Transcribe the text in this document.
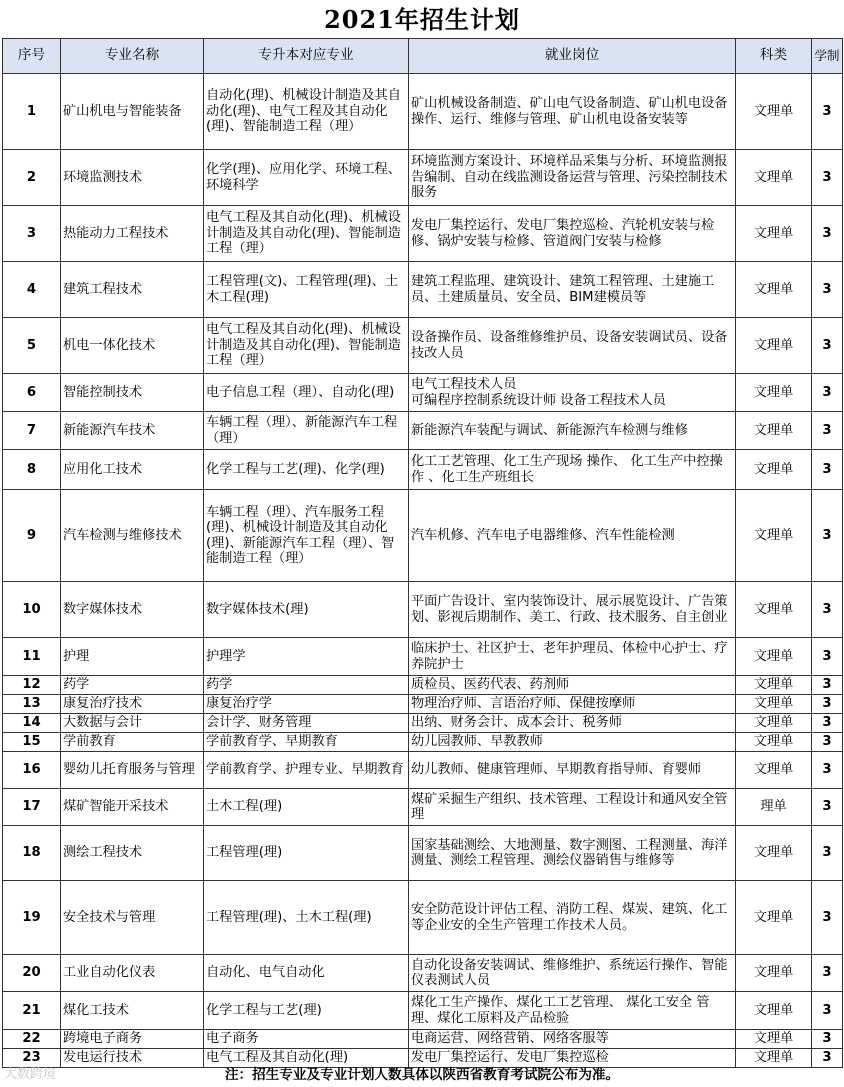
2021年招生计划
序号	专业名称	专升本对应专业	就业岗位	科类	学制
1	矿山机电与智能装备	自动化(理)、机械设计制造及其自动化(理)、电气工程及其自动化(理)、智能制造工程（理）	矿山机械设备制造、矿山电气设备制造、矿山机电设备操作、运行、维修与管理、矿山机电设备安装等	文理单	3
2	环境监测技术	化学(理)、应用化学、环境工程、环境科学	环境监测方案设计、环境样品采集与分析、环境监测报告编制、自动在线监测设备运营与管理、污染控制技术服务	文理单	3
3	热能动力工程技术	电气工程及其自动化(理)、机械设计制造及其自动化(理)、智能制造工程（理）	发电厂集控运行、发电厂集控巡检、汽轮机安装与检修、锅炉安装与检修、管道阀门安装与检修	文理单	3
4	建筑工程技术	工程管理(文)、工程管理(理)、土木工程(理)	建筑工程监理、建筑设计、建筑工程管理、土建施工员、土建质量员、安全员、BIM建模员等	文理单	3
5	机电一体化技术	电气工程及其自动化(理)、机械设计制造及其自动化(理)、智能制造工程（理）	设备操作员、设备维修维护员、设备安装调试员、设备技改人员	文理单	3
6	智能控制技术	电子信息工程（理）、自动化(理)	电气工程技术人员
可编程序控制系统设计师 设备工程技术人员	文理单	3
7	新能源汽车技术	车辆工程（理）、新能源汽车工程（理）	新能源汽车装配与调试、新能源汽车检测与维修	文理单	3
8	应用化工技术	化学工程与工艺(理)、化学(理)	化工工艺管理、化工生产现场 操作、 化工生产中控操作 、化工生产班组长	文理单	3
9	汽车检测与维修技术	车辆工程（理）、汽车服务工程(理)、机械设计制造及其自动化(理)、新能源汽车工程（理）、智能制造工程（理）	汽车机修、汽车电子电器维修、汽车性能检测	文理单	3
10	数字媒体技术	数字媒体技术(理)	平面广告设计、室内装饰设计、展示展览设计、广告策划、影视后期制作、美工、行政、技术服务、自主创业	文理单	3
11	护理	护理学	临床护士、社区护士、老年护理员、体检中心护士、疗养院护士	文理单	3
12	药学	药学	质检员、医药代表、药剂师	文理单	3
13	康复治疗技术	康复治疗学	物理治疗师、言语治疗师、保健按摩师	文理单	3
14	大数据与会计	会计学、财务管理	出纳、财务会计、成本会计、税务师	文理单	3
15	学前教育	学前教育学、早期教育	幼儿园教师、早教教师	文理单	3
16	婴幼儿托育服务与管理	学前教育学、护理专业、早期教育	幼儿教师、健康管理师、早期教育指导师、育婴师	文理单	3
17	煤矿智能开采技术	土木工程(理)	煤矿采掘生产组织、技术管理、工程设计和通风安全管理	理单	3
18	测绘工程技术	工程管理(理)	国家基础测绘、大地测量、数字测图、工程测量、海洋测量、测绘工程管理、测绘仪器销售与维修等	文理单	3
19	安全技术与管理	工程管理(理)、土木工程(理)	安全防范设计评估工程、消防工程、煤炭、建筑、化工等企业安的全生产管理工作技术人员。	文理单	3
20	工业自动化仪表	自动化、电气自动化	自动化设备安装调试、维修维护、系统运行操作、智能仪表测试人员	文理单	3
21	煤化工技术	化学工程与工艺(理)	煤化工生产操作、煤化工工艺管理、 煤化工安全 管理、煤化工原料及产品检验	文理单	3
22	跨境电子商务	电子商务	电商运营、网络营销、网络客服等	文理单	3
23	发电运行技术	电气工程及其自动化(理)	发电厂集控运行、发电厂集控巡检	文理单	3
大数跨境	注：招生专业及专业计划人数具体以陕西省教育考试院公布为准。
